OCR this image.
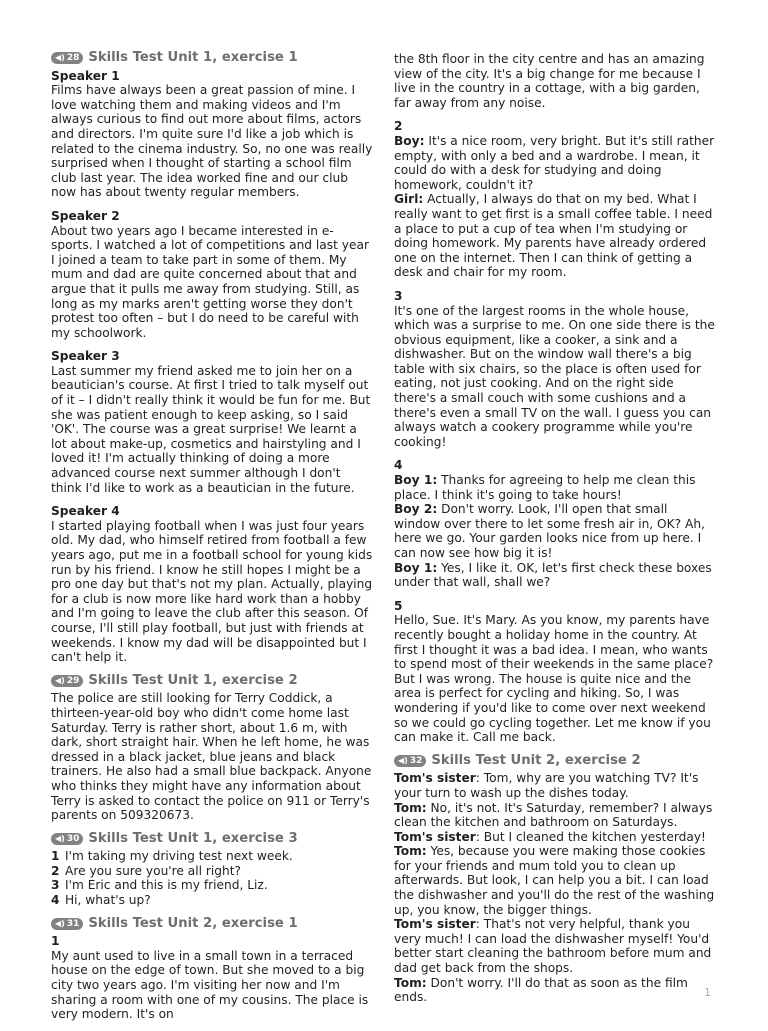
◀) 28 Skills Test Unit 1, exercise 1
Speaker 1

Films have always been a great passion of mine. I love watching them and making videos and I'm always curious to find out more about films, actors and directors. I'm quite sure I'd like a job which is related to the cinema industry. So, no one was really surprised when I thought of starting a school film club last year. The idea worked fine and our club now has about twenty regular members.

Speaker 2

About two years ago I became interested in e-sports. I watched a lot of competitions and last year I joined a team to take part in some of them. My mum and dad are quite concerned about that and argue that it pulls me away from studying. Still, as long as my marks aren't getting worse they don't protest too often – but I do need to be careful with my schoolwork.

Speaker 3

Last summer my friend asked me to join her on a beautician's course. At first I tried to talk myself out of it – I didn't really think it would be fun for me. But she was patient enough to keep asking, so I said 'OK'. The course was a great surprise! We learnt a lot about make-up, cosmetics and hairstyling and I loved it! I'm actually thinking of doing a more advanced course next summer although I don't think I'd like to work as a beautician in the future.

Speaker 4

I started playing football when I was just four years old. My dad, who himself retired from football a few years ago, put me in a football school for young kids run by his friend. I know he still hopes I might be a pro one day but that's not my plan. Actually, playing for a club is now more like hard work than a hobby and I'm going to leave the club after this season. Of course, I'll still play football, but just with friends at weekends. I know my dad will be disappointed but I can't help it.

◀) 29 Skills Test Unit 1, exercise 2

The police are still looking for Terry Coddick, a thirteen-year-old boy who didn't come home last Saturday. Terry is rather short, about 1.6 m, with dark, short straight hair. When he left home, he was dressed in a black jacket, blue jeans and black trainers. He also had a small blue backpack. Anyone who thinks they might have any information about Terry is asked to contact the police on 911 or Terry's parents on 509320673.

◀) 30 Skills Test Unit 1, exercise 3
1 I'm taking my driving test next week.
2 Are you sure you're all right?
3 I'm Eric and this is my friend, Liz.
4 Hi, what's up?
◀) 31 Skills Test Unit 2, exercise 1
1

My aunt used to live in a small town in a terraced house on the edge of town. But she moved to a big city two years ago. I'm visiting her now and I'm sharing a room with one of my cousins. The place is very modern. It's on

the 8th floor in the city centre and has an amazing view of the city. It's a big change for me because I live in the country in a cottage, with a big garden, far away from any noise.

2

Boy: It's a nice room, very bright. But it's still rather empty, with only a bed and a wardrobe. I mean, it could do with a desk for studying and doing homework, couldn't it?

Girl: Actually, I always do that on my bed. What I really want to get first is a small coffee table. I need a place to put a cup of tea when I'm studying or doing homework. My parents have already ordered one on the internet. Then I can think of getting a desk and chair for my room.

3

It's one of the largest rooms in the whole house, which was a surprise to me. On one side there is the obvious equipment, like a cooker, a sink and a dishwasher. But on the window wall there's a big table with six chairs, so the place is often used for eating, not just cooking. And on the right side there's a small couch with some cushions and a there's even a small TV on the wall. I guess you can always watch a cookery programme while you're cooking!

4

Boy 1: Thanks for agreeing to help me clean this place. I think it's going to take hours!

Boy 2: Don't worry. Look, I'll open that small window over there to let some fresh air in, OK? Ah, here we go. Your garden looks nice from up here. I can now see how big it is!

Boy 1: Yes, I like it. OK, let's first check these boxes under that wall, shall we?

5

Hello, Sue. It's Mary. As you know, my parents have recently bought a holiday home in the country. At first I thought it was a bad idea. I mean, who wants to spend most of their weekends in the same place? But I was wrong. The house is quite nice and the area is perfect for cycling and hiking. So, I was wondering if you'd like to come over next weekend so we could go cycling together. Let me know if you can make it. Call me back.

◀) 32 Skills Test Unit 2, exercise 2

Tom's sister: Tom, why are you watching TV? It's your turn to wash up the dishes today.

Tom: No, it's not. It's Saturday, remember? I always clean the kitchen and bathroom on Saturdays.

Tom's sister: But I cleaned the kitchen yesterday!

Tom: Yes, because you were making those cookies for your friends and mum told you to clean up afterwards. But look, I can help you a bit. I can load the dishwasher and you'll do the rest of the washing up, you know, the bigger things.

Tom's sister: That's not very helpful, thank you very much! I can load the dishwasher myself! You'd better start cleaning the bathroom before mum and dad get back from the shops.

Tom: Don't worry. I'll do that as soon as the film ends.	1
